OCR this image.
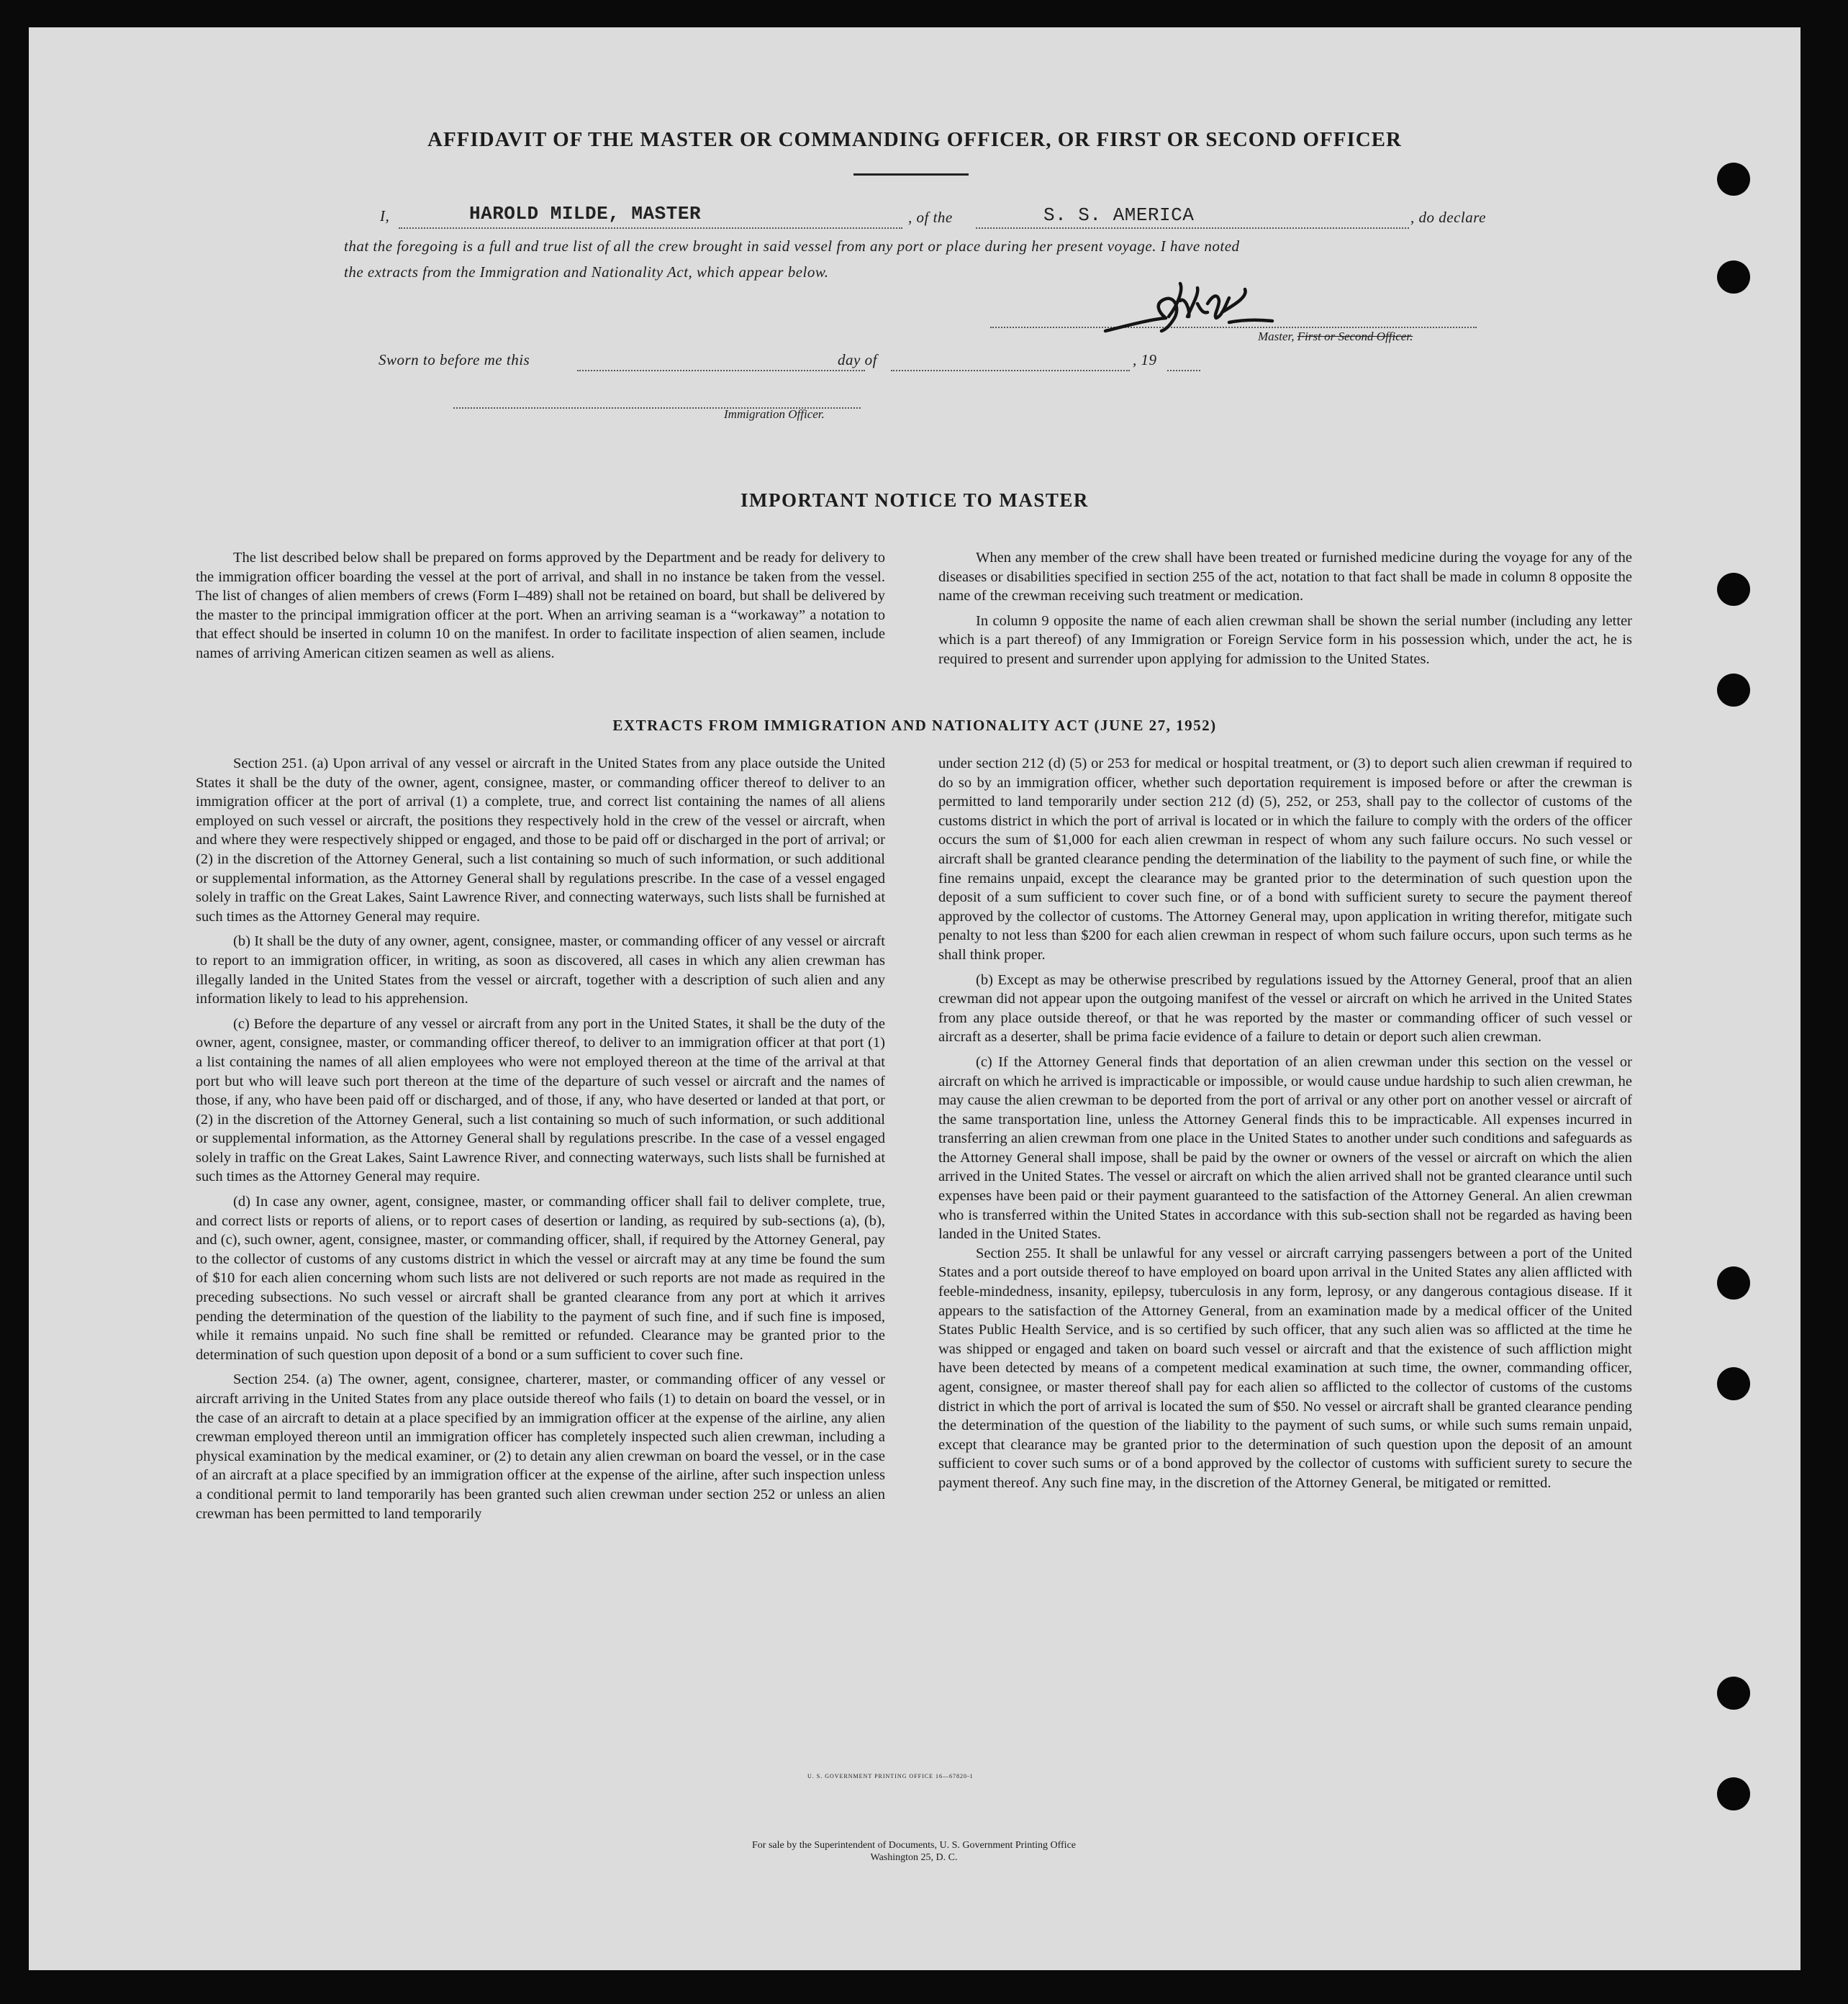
AFFIDAVIT OF THE MASTER OR COMMANDING OFFICER, OR FIRST OR SECOND OFFICER
I,	HAROLD MILDE, MASTER	, of the	S. S. AMERICA	, do declare
that the foregoing is a full and true list of all the crew brought in said vessel from any port or place during her present voyage. I have noted
the extracts from the Immigration and Nationality Act, which appear below.
Master, First or Second Officer.
Sworn to before me this	day of	, 19
Immigration Officer.
IMPORTANT NOTICE TO MASTER

The list described below shall be prepared on forms approved by the Department and be ready for delivery to the immigration officer boarding the vessel at the port of arrival, and shall in no instance be taken from the vessel. The list of changes of alien members of crews (Form I–489) shall not be retained on board, but shall be delivered by the master to the principal immigration officer at the port. When an arriving seaman is a “workaway” a notation to that effect should be inserted in column 10 on the manifest. In order to facilitate inspection of alien seamen, include names of arriving American citizen seamen as well as aliens.

When any member of the crew shall have been treated or furnished medicine during the voyage for any of the diseases or disabilities specified in section 255 of the act, notation to that fact shall be made in column 8 opposite the name of the crewman receiving such treatment or medication.

In column 9 opposite the name of each alien crewman shall be shown the serial number (including any letter which is a part thereof) of any Immigration or Foreign Service form in his possession which, under the act, he is required to present and surrender upon applying for admission to the United States.

EXTRACTS FROM IMMIGRATION AND NATIONALITY ACT (JUNE 27, 1952)

Section 251. (a) Upon arrival of any vessel or aircraft in the United States from any place outside the United States it shall be the duty of the owner, agent, consignee, master, or commanding officer thereof to deliver to an immigration officer at the port of arrival (1) a complete, true, and correct list containing the names of all aliens employed on such vessel or aircraft, the positions they respectively hold in the crew of the vessel or aircraft, when and where they were respectively shipped or engaged, and those to be paid off or discharged in the port of arrival; or (2) in the discretion of the Attorney General, such a list containing so much of such information, or such additional or supplemental information, as the Attorney General shall by regulations prescribe. In the case of a vessel engaged solely in traffic on the Great Lakes, Saint Lawrence River, and connecting waterways, such lists shall be furnished at such times as the Attorney General may require.

(b) It shall be the duty of any owner, agent, consignee, master, or commanding officer of any vessel or aircraft to report to an immigration officer, in writing, as soon as discovered, all cases in which any alien crewman has illegally landed in the United States from the vessel or aircraft, together with a description of such alien and any information likely to lead to his apprehension.

(c) Before the departure of any vessel or aircraft from any port in the United States, it shall be the duty of the owner, agent, consignee, master, or commanding officer thereof, to deliver to an immigration officer at that port (1) a list containing the names of all alien employees who were not employed thereon at the time of the arrival at that port but who will leave such port thereon at the time of the departure of such vessel or aircraft and the names of those, if any, who have been paid off or discharged, and of those, if any, who have deserted or landed at that port, or (2) in the discretion of the Attorney General, such a list containing so much of such information, or such additional or supplemental information, as the Attorney General shall by regulations prescribe. In the case of a vessel engaged solely in traffic on the Great Lakes, Saint Lawrence River, and connecting waterways, such lists shall be furnished at such times as the Attorney General may require.

(d) In case any owner, agent, consignee, master, or commanding officer shall fail to deliver complete, true, and correct lists or reports of aliens, or to report cases of desertion or landing, as required by sub-sections (a), (b), and (c), such owner, agent, consignee, master, or commanding officer, shall, if required by the Attorney General, pay to the collector of customs of any customs district in which the vessel or aircraft may at any time be found the sum of $10 for each alien concerning whom such lists are not delivered or such reports are not made as required in the preceding subsections. No such vessel or aircraft shall be granted clearance from any port at which it arrives pending the determination of the question of the liability to the payment of such fine, and if such fine is imposed, while it remains unpaid. No such fine shall be remitted or refunded. Clearance may be granted prior to the determination of such question upon deposit of a bond or a sum sufficient to cover such fine.

Section 254. (a) The owner, agent, consignee, charterer, master, or commanding officer of any vessel or aircraft arriving in the United States from any place outside thereof who fails (1) to detain on board the vessel, or in the case of an aircraft to detain at a place specified by an immigration officer at the expense of the airline, any alien crewman employed thereon until an immigration officer has completely inspected such alien crewman, including a physical examination by the medical examiner, or (2) to detain any alien crewman on board the vessel, or in the case of an aircraft at a place specified by an immigration officer at the expense of the airline, after such inspection unless a conditional permit to land temporarily has been granted such alien crewman under section 252 or unless an alien crewman has been permitted to land temporarily

under section 212 (d) (5) or 253 for medical or hospital treatment, or (3) to deport such alien crewman if required to do so by an immigration officer, whether such deportation requirement is imposed before or after the crewman is permitted to land temporarily under section 212 (d) (5), 252, or 253, shall pay to the collector of customs of the customs district in which the port of arrival is located or in which the failure to comply with the orders of the officer occurs the sum of $1,000 for each alien crewman in respect of whom any such failure occurs. No such vessel or aircraft shall be granted clearance pending the determination of the liability to the payment of such fine, or while the fine remains unpaid, except the clearance may be granted prior to the determination of such question upon the deposit of a sum sufficient to cover such fine, or of a bond with sufficient surety to secure the payment thereof approved by the collector of customs. The Attorney General may, upon application in writing therefor, mitigate such penalty to not less than $200 for each alien crewman in respect of whom such failure occurs, upon such terms as he shall think proper.

(b) Except as may be otherwise prescribed by regulations issued by the Attorney General, proof that an alien crewman did not appear upon the outgoing manifest of the vessel or aircraft on which he arrived in the United States from any place outside thereof, or that he was reported by the master or commanding officer of such vessel or aircraft as a deserter, shall be prima facie evidence of a failure to detain or deport such alien crewman.

(c) If the Attorney General finds that deportation of an alien crewman under this section on the vessel or aircraft on which he arrived is impracticable or impossible, or would cause undue hardship to such alien crewman, he may cause the alien crewman to be deported from the port of arrival or any other port on another vessel or aircraft of the same transportation line, unless the Attorney General finds this to be impracticable. All expenses incurred in transferring an alien crewman from one place in the United States to another under such conditions and safeguards as the Attorney General shall impose, shall be paid by the owner or owners of the vessel or aircraft on which the alien arrived in the United States. The vessel or aircraft on which the alien arrived shall not be granted clearance until such expenses have been paid or their payment guaranteed to the satisfaction of the Attorney General. An alien crewman who is transferred within the United States in accordance with this sub-section shall not be regarded as having been landed in the United States.

Section 255. It shall be unlawful for any vessel or aircraft carrying passengers between a port of the United States and a port outside thereof to have employed on board upon arrival in the United States any alien afflicted with feeble-mindedness, insanity, epilepsy, tuberculosis in any form, leprosy, or any dangerous contagious disease. If it appears to the satisfaction of the Attorney General, from an examination made by a medical officer of the United States Public Health Service, and is so certified by such officer, that any such alien was so afflicted at the time he was shipped or engaged and taken on board such vessel or aircraft and that the existence of such affliction might have been detected by means of a competent medical examination at such time, the owner, commanding officer, agent, consignee, or master thereof shall pay for each alien so afflicted to the collector of customs of the customs district in which the port of arrival is located the sum of $50. No vessel or aircraft shall be granted clearance pending the determination of the question of the liability to the payment of such sums, or while such sums remain unpaid, except that clearance may be granted prior to the determination of such question upon the deposit of an amount sufficient to cover such sums or of a bond approved by the collector of customs with sufficient surety to secure the payment thereof. Any such fine may, in the discretion of the Attorney General, be mitigated or remitted.

U. S. GOVERNMENT PRINTING OFFICE 16—67820-1
For sale by the Superintendent of Documents, U. S. Government Printing Office
Washington 25, D. C.
